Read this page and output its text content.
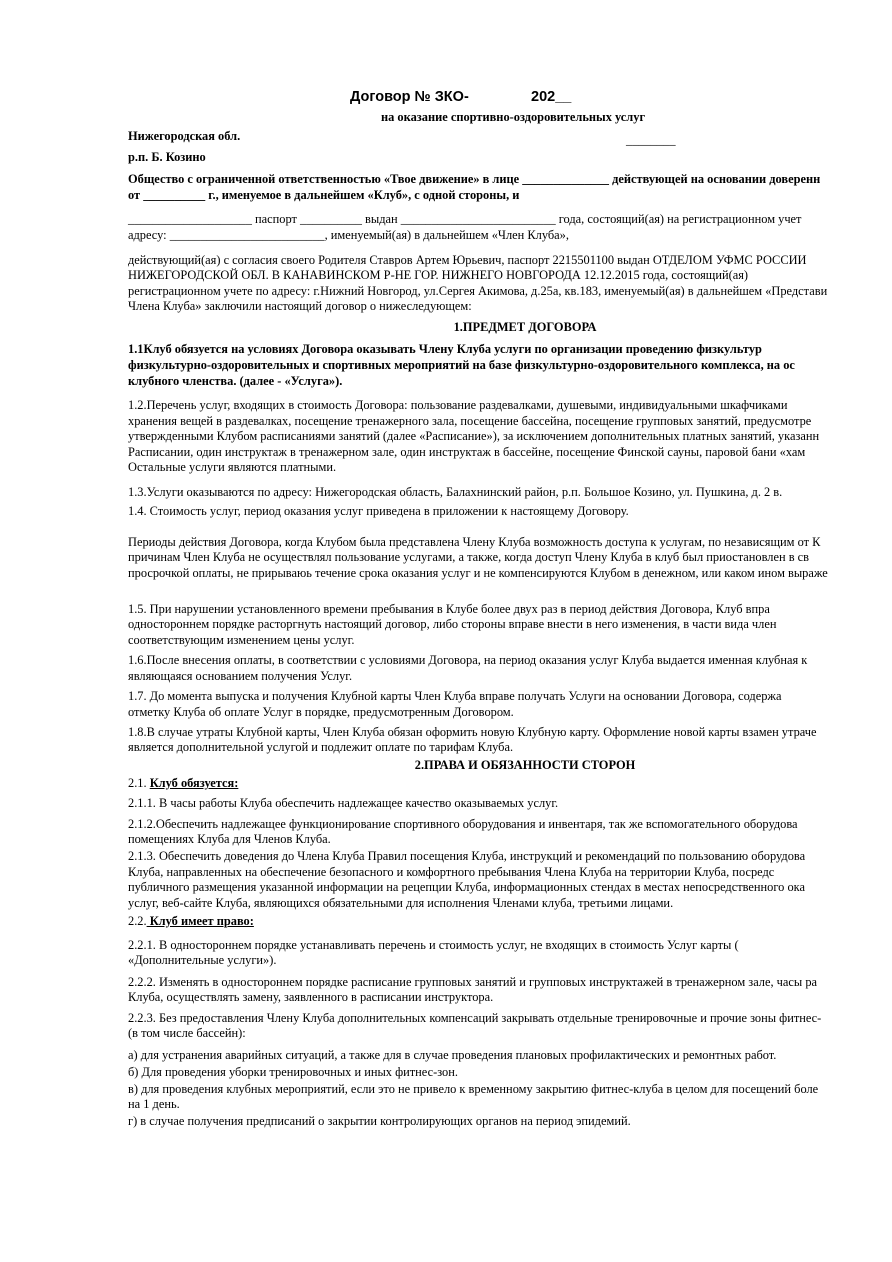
Договор № ЗКО-	202__
на оказание спортивно-оздоровительных услуг
Нижегородская обл.	________
р.п. Б. Козино
Общество с ограниченной ответственностью «Твое движение» в лице ______________ действующей на основании доверенн
от __________ г., именуемое в дальнейшем «Клуб», с одной стороны, и
____________________ паспорт __________ выдан _________________________ года, состоящий(ая) на регистрационном учет
адресу: _________________________, именуемый(ая) в дальнейшем «Член Клуба»,
действующий(ая) с согласия своего Родителя Ставров Артем Юрьевич, паспорт 2215501100 выдан ОТДЕЛОМ УФМС РОССИИ
НИЖЕГОРОДСКОЙ ОБЛ. В КАНАВИНСКОМ Р-НЕ ГОР. НИЖНЕГО НОВГОРОДА 12.12.2015 года, состоящий(ая)
регистрационном учете по адресу: г.Нижний Новгород, ул.Сергея Акимова, д.25а, кв.183, именуемый(ая) в дальнейшем «Представи
Члена Клуба» заключили настоящий договор о нижеследующем:
1.ПРЕДМЕТ ДОГОВОРА
1.1Клуб обязуется на условиях Договора оказывать Члену Клуба услуги по организации проведению физкультур
физкультурно-оздоровительных и спортивных мероприятий на базе физкультурно-оздоровительного комплекса, на ос
клубного членства. (далее - «Услуга»).
1.2.Перечень услуг, входящих в стоимость Договора: пользование раздевалками, душевыми, индивидуальными шкафчиками
хранения вещей в раздевалках, посещение тренажерного зала, посещение бассейна, посещение групповых занятий, предусмотре
утвержденными Клубом расписаниями занятий (далее «Расписание»), за исключением дополнительных платных занятий, указанн
Расписании, один инструктаж в тренажерном зале, один инструктаж в бассейне, посещение Финской сауны, паровой бани «хам
Остальные услуги являются платными.
1.3.Услуги оказываются по адресу: Нижегородская область, Балахнинский район, р.п. Большое Козино, ул. Пушкина, д. 2 в.
1.4. Стоимость услуг, период оказания услуг приведена в приложении к настоящему Договору.
Периоды действия Договора, когда Клубом была представлена Члену Клуба возможность доступа к услугам, по независящим от К
причинам Член Клуба не осуществлял пользование услугами, а также, когда доступ Члену Клуба в клуб был приостановлен в св
просрочкой оплаты, не прирываюь течение срока оказания услуг и не компенсируются Клубом в денежном, или каком ином выраже
1.5. При нарушении установленного времени пребывания в Клубе более двух раз в период действия Договора, Клуб впра
одностороннем порядке расторгнуть настоящий договор, либо стороны вправе внести в него изменения, в части вида член
соответствующим изменением цены услуг.
1.6.После внесения оплаты, в соответствии с условиями Договора, на период оказания услуг Клуба выдается именная клубная к
являющаяся основанием получения Услуг.
1.7. До момента выпуска и получения Клубной карты Член Клуба вправе получать Услуги на основании Договора, содержа
отметку Клуба об оплате Услуг в порядке, предусмотренным Договором.
1.8.В случае утраты Клубной карты, Член Клуба обязан оформить новую Клубную карту. Оформление новой карты взамен утраче
является дополнительной услугой и подлежит оплате по тарифам Клуба.
2.ПРАВА И ОБЯЗАННОСТИ СТОРОН
2.1. Клуб обязуется:
2.1.1. В часы работы Клуба обеспечить надлежащее качество оказываемых услуг.
2.1.2.Обеспечить надлежащее функционирование спортивного оборудования и инвентаря, так же вспомогательного оборудова
помещениях Клуба для Членов Клуба.
2.1.3. Обеспечить доведения до Члена Клуба Правил посещения Клуба, инструкций и рекомендаций по пользованию оборудова
Клуба, направленных на обеспечение безопасного и комфортного пребывания Члена Клуба на территории Клуба, посредс
публичного размещения указанной информации на рецепции Клуба, информационных стендах в местах непосредственного ока
услуг, веб-сайте Клуба, являющихся обязательными для исполнения Членами клуба, третьими лицами.
2.2. Клуб имеет право:
2.2.1. В одностороннем порядке устанавливать перечень и стоимость услуг, не входящих в стоимость Услуг карты (
«Дополнительные услуги»).
2.2.2. Изменять в одностороннем порядке расписание групповых занятий и групповых инструктажей в тренажерном зале, часы ра
Клуба, осуществлять замену, заявленного в расписании инструктора.
2.2.3. Без предоставления Члену Клуба дополнительных компенсаций закрывать отдельные тренировочные и прочие зоны фитнес-
(в том числе бассейн):
а) для устранения аварийных ситуаций, а также для в случае проведения плановых профилактических и ремонтных работ.
б) Для проведения уборки тренировочных и иных фитнес-зон.
в) для проведения клубных мероприятий, если это не привело к временному закрытию фитнес-клуба в целом для посещений боле
на 1 день.
г) в случае получения предписаний о закрытии контролирующих органов на период эпидемий.
